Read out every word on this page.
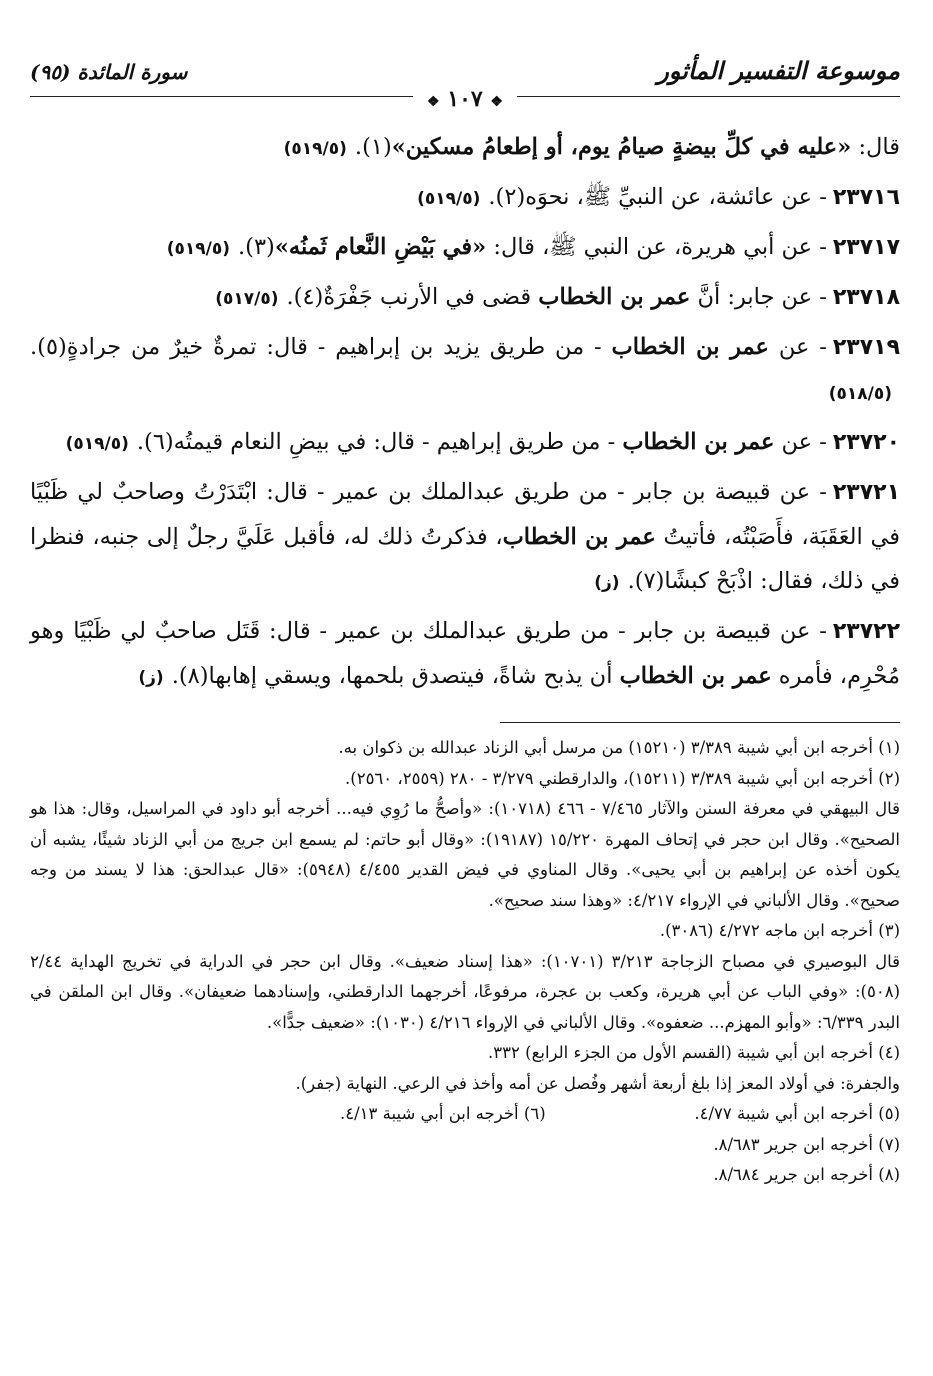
موسوعة التفسير المأثور
❖ ١٠٧ ❖
سورة المائدة (٩٥)

قال: «عليه في كلِّ بيضةٍ صيامُ يوم، أو إطعامُ مسكين»(١).(٥١٩/٥)

٢٣٧١٦- عن عائشة، عن النبيِّ ﷺ، نحوَه(٢).(٥١٩/٥)

٢٣٧١٧- عن أبي هريرة، عن النبي ﷺ، قال: «في بَيْضِ النَّعام ثَمنُه»(٣).(٥١٩/٥)

٢٣٧١٨- عن جابر: أنَّ عمر بن الخطاب قضى في الأرنب جَفْرَةٌ(٤).(٥١٧/٥)

٢٣٧١٩- عن عمر بن الخطاب - من طريق يزيد بن إبراهيم - قال: تمرةٌ خيرٌ من جرادةٍ(٥).(٥١٨/٥)

٢٣٧٢٠- عن عمر بن الخطاب - من طريق إبراهيم - قال: في بيضِ النعام قيمتُه(٦).(٥١٩/٥)

٢٣٧٢١- عن قبيصة بن جابر - من طريق عبدالملك بن عمير - قال: ابْتَدَرْتُ وصاحبٌ لي ظَبْيًا في العَقَبَة، فأَصَبْتُه، فأتيتُ عمر بن الخطاب، فذكرتُ ذلك له، فأقبل عَلَيَّ رجلٌ إلى جنبه، فنظرا في ذلك، فقال: اذْبَحْ كبشًا(٧).(ز)

٢٣٧٢٢- عن قبيصة بن جابر - من طريق عبدالملك بن عمير - قال: قَتَل صاحبٌ لي ظَبْيًا وهو مُحْرِم، فأمره عمر بن الخطاب أن يذبح شاةً، فيتصدق بلحمها، ويسقي إهابها(٨).(ز)

(١) أخرجه ابن أبي شيبة ٣/٣٨٩ (١٥٢١٠) من مرسل أبي الزناد عبدالله بن ذكوان به.

(٢) أخرجه ابن أبي شيبة ٣/٣٨٩ (١٥٢١١)، والدارقطني ٣/٢٧٩ - ٢٨٠ (٢٥٥٩، ٢٥٦٠).

قال البيهقي في معرفة السنن والآثار ٧/٤٦٥ - ٤٦٦ (١٠٧١٨): «وأصحُّ ما رُوِي فيه... أخرجه أبو داود في المراسيل، وقال: هذا هو الصحيح». وقال ابن حجر في إتحاف المهرة ١٥/٢٢٠ (١٩١٨٧): «وقال أبو حاتم: لم يسمع ابن جريج من أبي الزناد شيئًا، يشبه أن يكون أخذه عن إبراهيم بن أبي يحيى». وقال المناوي في فيض القدير ٤/٤٥٥ (٥٩٤٨): «قال عبدالحق: هذا لا يسند من وجه صحيح». وقال الألباني في الإرواء ٤/٢١٧: «وهذا سند صحيح».

(٣) أخرجه ابن ماجه ٤/٢٧٢ (٣٠٨٦).

قال البوصيري في مصباح الزجاجة ٣/٢١٣ (١٠٧٠١): «هذا إسناد ضعيف». وقال ابن حجر في الدراية في تخريج الهداية ٢/٤٤ (٥٠٨): «وفي الباب عن أبي هريرة، وكعب بن عجرة، مرفوعًا، أخرجهما الدارقطني، وإسنادهما ضعيفان». وقال ابن الملقن في البدر ٦/٣٣٩: «وأبو المهزم... ضعفوه». وقال الألباني في الإرواء ٤/٢١٦ (١٠٣٠): «ضعيف جدًّا».

(٤) أخرجه ابن أبي شيبة (القسم الأول من الجزء الرابع) ٣٣٢.

والجفرة: في أولاد المعز إذا بلغ أربعة أشهر وفُصل عن أمه وأخذ في الرعي. النهاية (جفر).

(٥) أخرجه ابن أبي شيبة ٤/٧٧.
(٦) أخرجه ابن أبي شيبة ٤/١٣.

(٧) أخرجه ابن جرير ٨/٦٨٣.

(٨) أخرجه ابن جرير ٨/٦٨٤.
